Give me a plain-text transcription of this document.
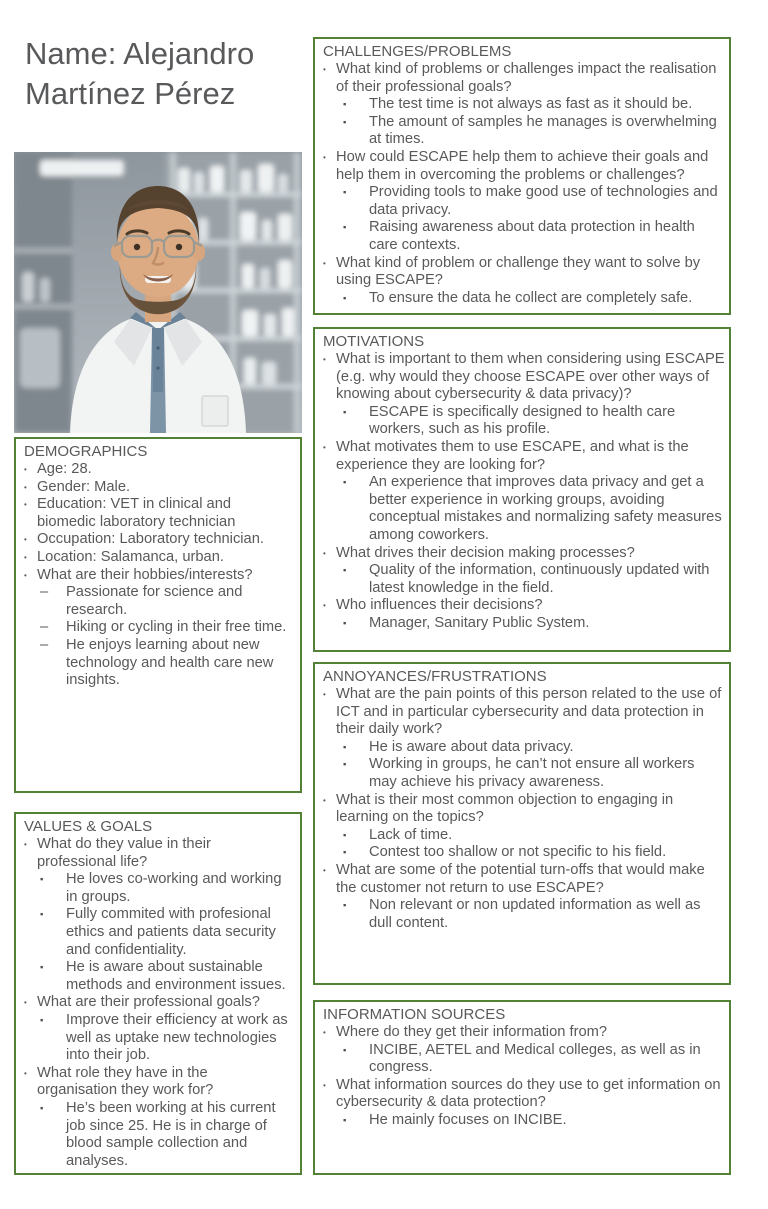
Name: Alejandro Martínez Pérez
DEMOGRAPHICS
• Age: 28.
• Gender: Male.
• Education: VET in clinical and biomedic laboratory technician
• Occupation: Laboratory technician.
• Location: Salamanca, urban.
• What are their hobbies/interests?
–	Passionate for science and research.
–	Hiking or cycling in their free time.
–	He enjoys learning about new technology and health care new insights.
VALUES & GOALS
• What do they value in their professional life?
▪	He loves co-working and working in groups.
▪	Fully commited with profesional ethics and patients data security and confidentiality.
▪	He is aware about sustainable methods and environment issues.
• What are their professional goals?
▪	Improve their efficiency at work as well as uptake new technologies into their job.
• What role they have in the organisation they work for?
▪	He’s been working at his current job since 25. He is in charge of blood sample collection and analyses.
CHALLENGES/PROBLEMS
• What kind of problems or challenges impact the realisation of their professional goals?
▪	The test time is not always as fast as it should be.
▪	The amount of samples he manages is overwhelming at times.
• How could ESCAPE help them to achieve their goals and help them in overcoming the problems or challenges?
▪	Providing tools to make good use of technologies and data privacy.
▪	Raising awareness about data protection in health care contexts.
• What kind of problem or challenge they want to solve by using ESCAPE?
▪	To ensure the data he collect are completely safe.
MOTIVATIONS
• What is important to them when considering using ESCAPE (e.g. why would they choose ESCAPE over other ways of knowing about cybersecurity & data privacy)?
▪	ESCAPE is specifically designed to health care workers, such as his profile.
• What motivates them to use ESCAPE, and what is the experience they are looking for?
▪	An experience that improves data privacy and get a better experience in working groups, avoiding conceptual mistakes and normalizing safety measures among coworkers.
• What drives their decision making processes?
▪	Quality of the information, continuously updated with latest knowledge in the field.
• Who influences their decisions?
▪	Manager, Sanitary Public System.
ANNOYANCES/FRUSTRATIONS
• What are the pain points of this person related to the use of ICT and in particular cybersecurity and data protection in their daily work?
▪	He is aware about data privacy.
▪	Working in groups, he can’t not ensure all workers may achieve his privacy awareness.
• What is their most common objection to engaging in learning on the topics?
▪	Lack of time.
▪	Contest too shallow or not specific to his field.
• What are some of the potential turn-offs that would make the customer not return to use ESCAPE?
▪	Non relevant or non updated information as well as dull content.
INFORMATION SOURCES
• Where do they get their information from?
▪	INCIBE, AETEL and Medical colleges, as well as in congress.
• What information sources do they use to get information on cybersecurity & data protection?
▪	He mainly focuses on INCIBE.
